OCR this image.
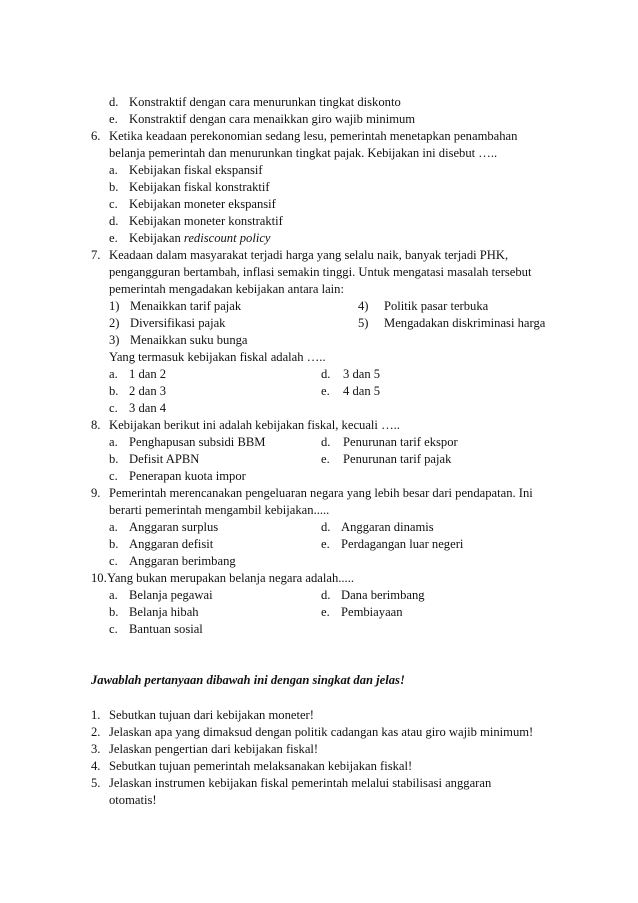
d. Konstraktif dengan cara menurunkan tingkat diskonto
e. Konstraktif dengan cara menaikkan giro wajib minimum
6. Ketika keadaan perekonomian sedang lesu, pemerintah menetapkan penambahan
belanja pemerintah dan menurunkan tingkat pajak. Kebijakan ini disebut …..
a. Kebijakan fiskal ekspansif
b. Kebijakan fiskal konstraktif
c. Kebijakan moneter ekspansif
d. Kebijakan moneter konstraktif
e. Kebijakan rediscount policy
7. Keadaan dalam masyarakat terjadi harga yang selalu naik, banyak terjadi PHK,
pengangguran bertambah, inflasi semakin tinggi. Untuk mengatasi masalah tersebut
pemerintah mengadakan kebijakan antara lain:
1) Menaikkan tarif pajak	4) Politik pasar terbuka
2) Diversifikasi pajak	5) Mengadakan diskriminasi harga
3) Menaikkan suku bunga
Yang termasuk kebijakan fiskal adalah …..
a. 1 dan 2	d. 3 dan 5
b. 2 dan 3	e. 4 dan 5
c. 3 dan 4
8. Kebijakan berikut ini adalah kebijakan fiskal, kecuali …..
a. Penghapusan subsidi BBM	d. Penurunan tarif ekspor
b. Defisit APBN	e. Penurunan tarif pajak
c. Penerapan kuota impor
9. Pemerintah merencanakan pengeluaran negara yang lebih besar dari pendapatan. Ini
berarti pemerintah mengambil kebijakan.....
a. Anggaran surplus	d. Anggaran dinamis
b. Anggaran defisit	e. Perdagangan luar negeri
c. Anggaran berimbang
10. Yang bukan merupakan belanja negara adalah.....
a. Belanja pegawai	d. Dana berimbang
b. Belanja hibah	e. Pembiayaan
c. Bantuan sosial
Jawablah pertanyaan dibawah ini dengan singkat dan jelas!
1. Sebutkan tujuan dari kebijakan moneter!
2. Jelaskan apa yang dimaksud dengan politik cadangan kas atau giro wajib minimum!
3. Jelaskan pengertian dari kebijakan fiskal!
4. Sebutkan tujuan pemerintah melaksanakan kebijakan fiskal!
5. Jelaskan instrumen kebijakan fiskal pemerintah melalui stabilisasi anggaran
otomatis!
